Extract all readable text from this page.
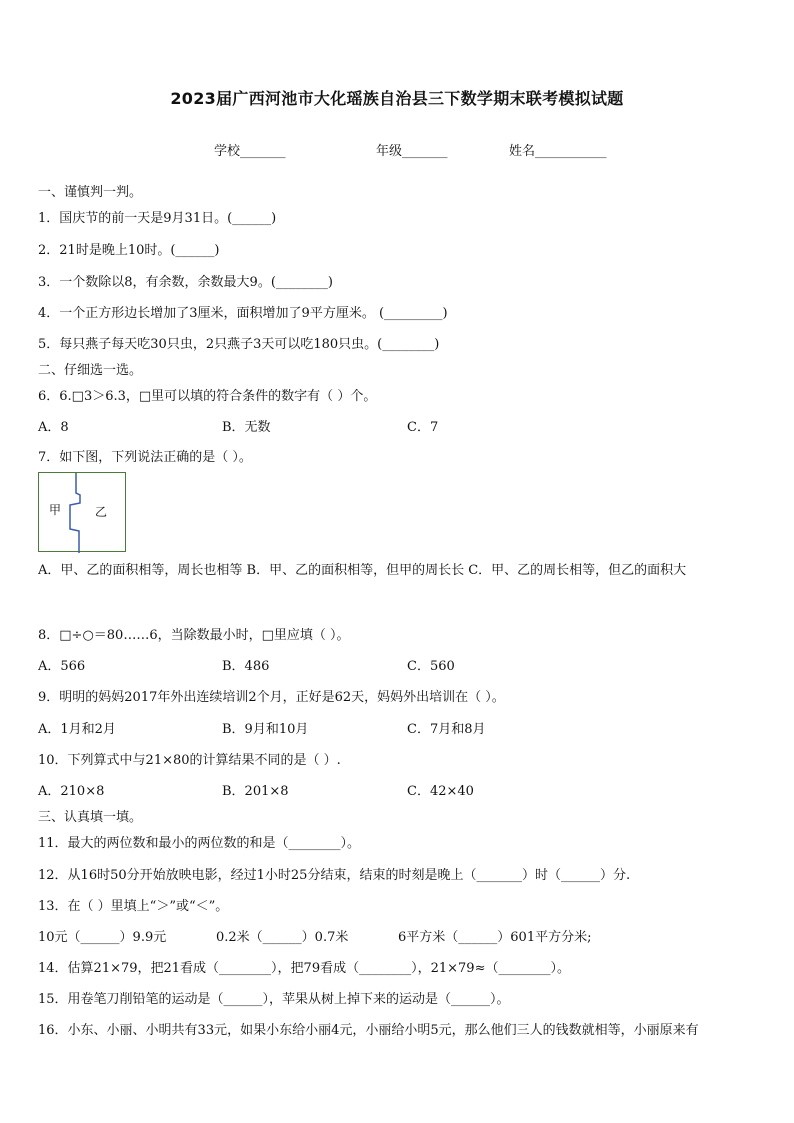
2023届广西河池市大化瑶族自治县三下数学期末联考模拟试题
学校_______	年级_______	姓名___________
一、谨慎判一判。
1．国庆节的前一天是9月31日。(______)
2．21时是晚上10时。(______)
3．一个数除以8，有余数，余数最大9。(________)
4．一个正方形边长增加了3厘米，面积增加了9平方厘米。 (_________)
5．每只燕子每天吃30只虫，2只燕子3天可以吃180只虫。(________)
二、仔细选一选。
6．6.□3＞6.3，□里可以填的符合条件的数字有（ ）个。
A．8	B．无数	C．7
7．如下图，下列说法正确的是（ ）。
甲	乙
A．甲、乙的面积相等，周长也相等 B．甲、乙的面积相等，但甲的周长长 C．甲、乙的周长相等，但乙的面积大
8．□÷○＝80……6，当除数最小时，□里应填（ ）。
A．566	B．486	C．560
9．明明的妈妈2017年外出连续培训2个月，正好是62天，妈妈外出培训在（ ）。
A．1月和2月	B．9月和10月	C．7月和8月
10．下列算式中与21×80的计算结果不同的是（ ）.
A．210×8	B．201×8	C．42×40
三、认真填一填。
11．最大的两位数和最小的两位数的和是（________）。
12．从16时50分开始放映电影，经过1小时25分结束，结束的时刻是晚上（_______）时（______）分.
13．在（ ）里填上“＞”或“＜”。
10元（______）9.9元	0.2米（______）0.7米	6平方米（______）601平方分米;
14．估算21×79，把21看成（________），把79看成（________），21×79≈（________）。
15．用卷笔刀削铅笔的运动是（______），苹果从树上掉下来的运动是（______）。
16．小东、小丽、小明共有33元，如果小东给小丽4元，小丽给小明5元，那么他们三人的钱数就相等，小丽原来有
